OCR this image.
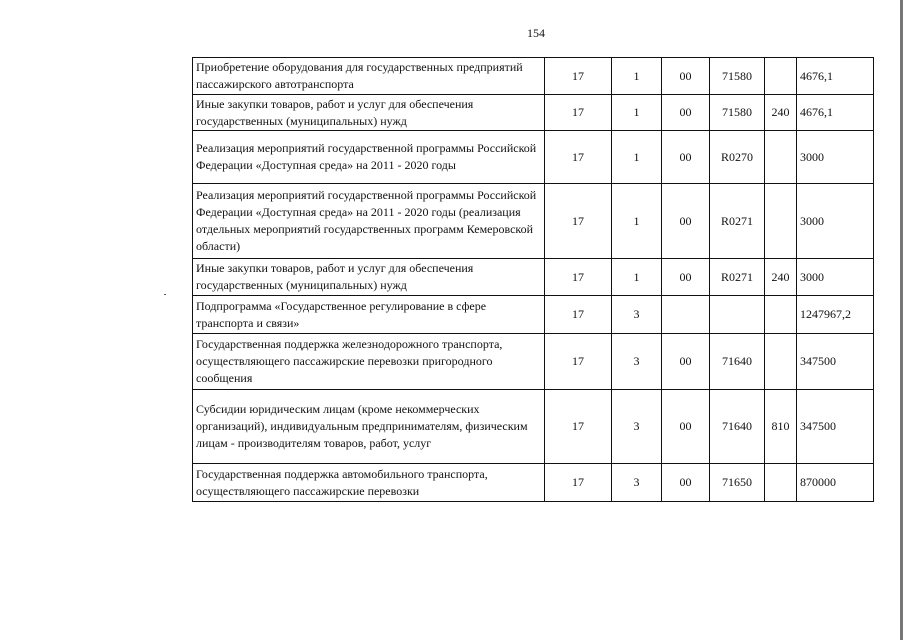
154
Приобретение оборудования для государственных предприятий пассажирского автотранспорта	17	1	00	71580		4676,1
Иные закупки товаров, работ и услуг для обеспечения государственных (муниципальных) нужд	17	1	00	71580	240	4676,1
Реализация мероприятий государственной программы Российской Федерации «Доступная среда» на 2011 - 2020 годы	17	1	00	R0270		3000
Реализация мероприятий государственной программы Российской Федерации «Доступная среда» на 2011 - 2020 годы (реализация отдельных мероприятий государственных программ Кемеровской области)	17	1	00	R0271		3000
Иные закупки товаров, работ и услуг для обеспечения государственных (муниципальных) нужд	17	1	00	R0271	240	3000
Подпрограмма «Государственное регулирование в сфере транспорта и связи»	17	3				1247967,2
Государственная поддержка железнодорожного транспорта, осуществляющего пассажирские перевозки пригородного сообщения	17	3	00	71640		347500
Субсидии юридическим лицам (кроме некоммерческих организаций), индивидуальным предпринимателям, физическим лицам - производителям товаров, работ, услуг	17	3	00	71640	810	347500
Государственная поддержка автомобильного транспорта, осуществляющего пассажирские перевозки	17	3	00	71650		870000
